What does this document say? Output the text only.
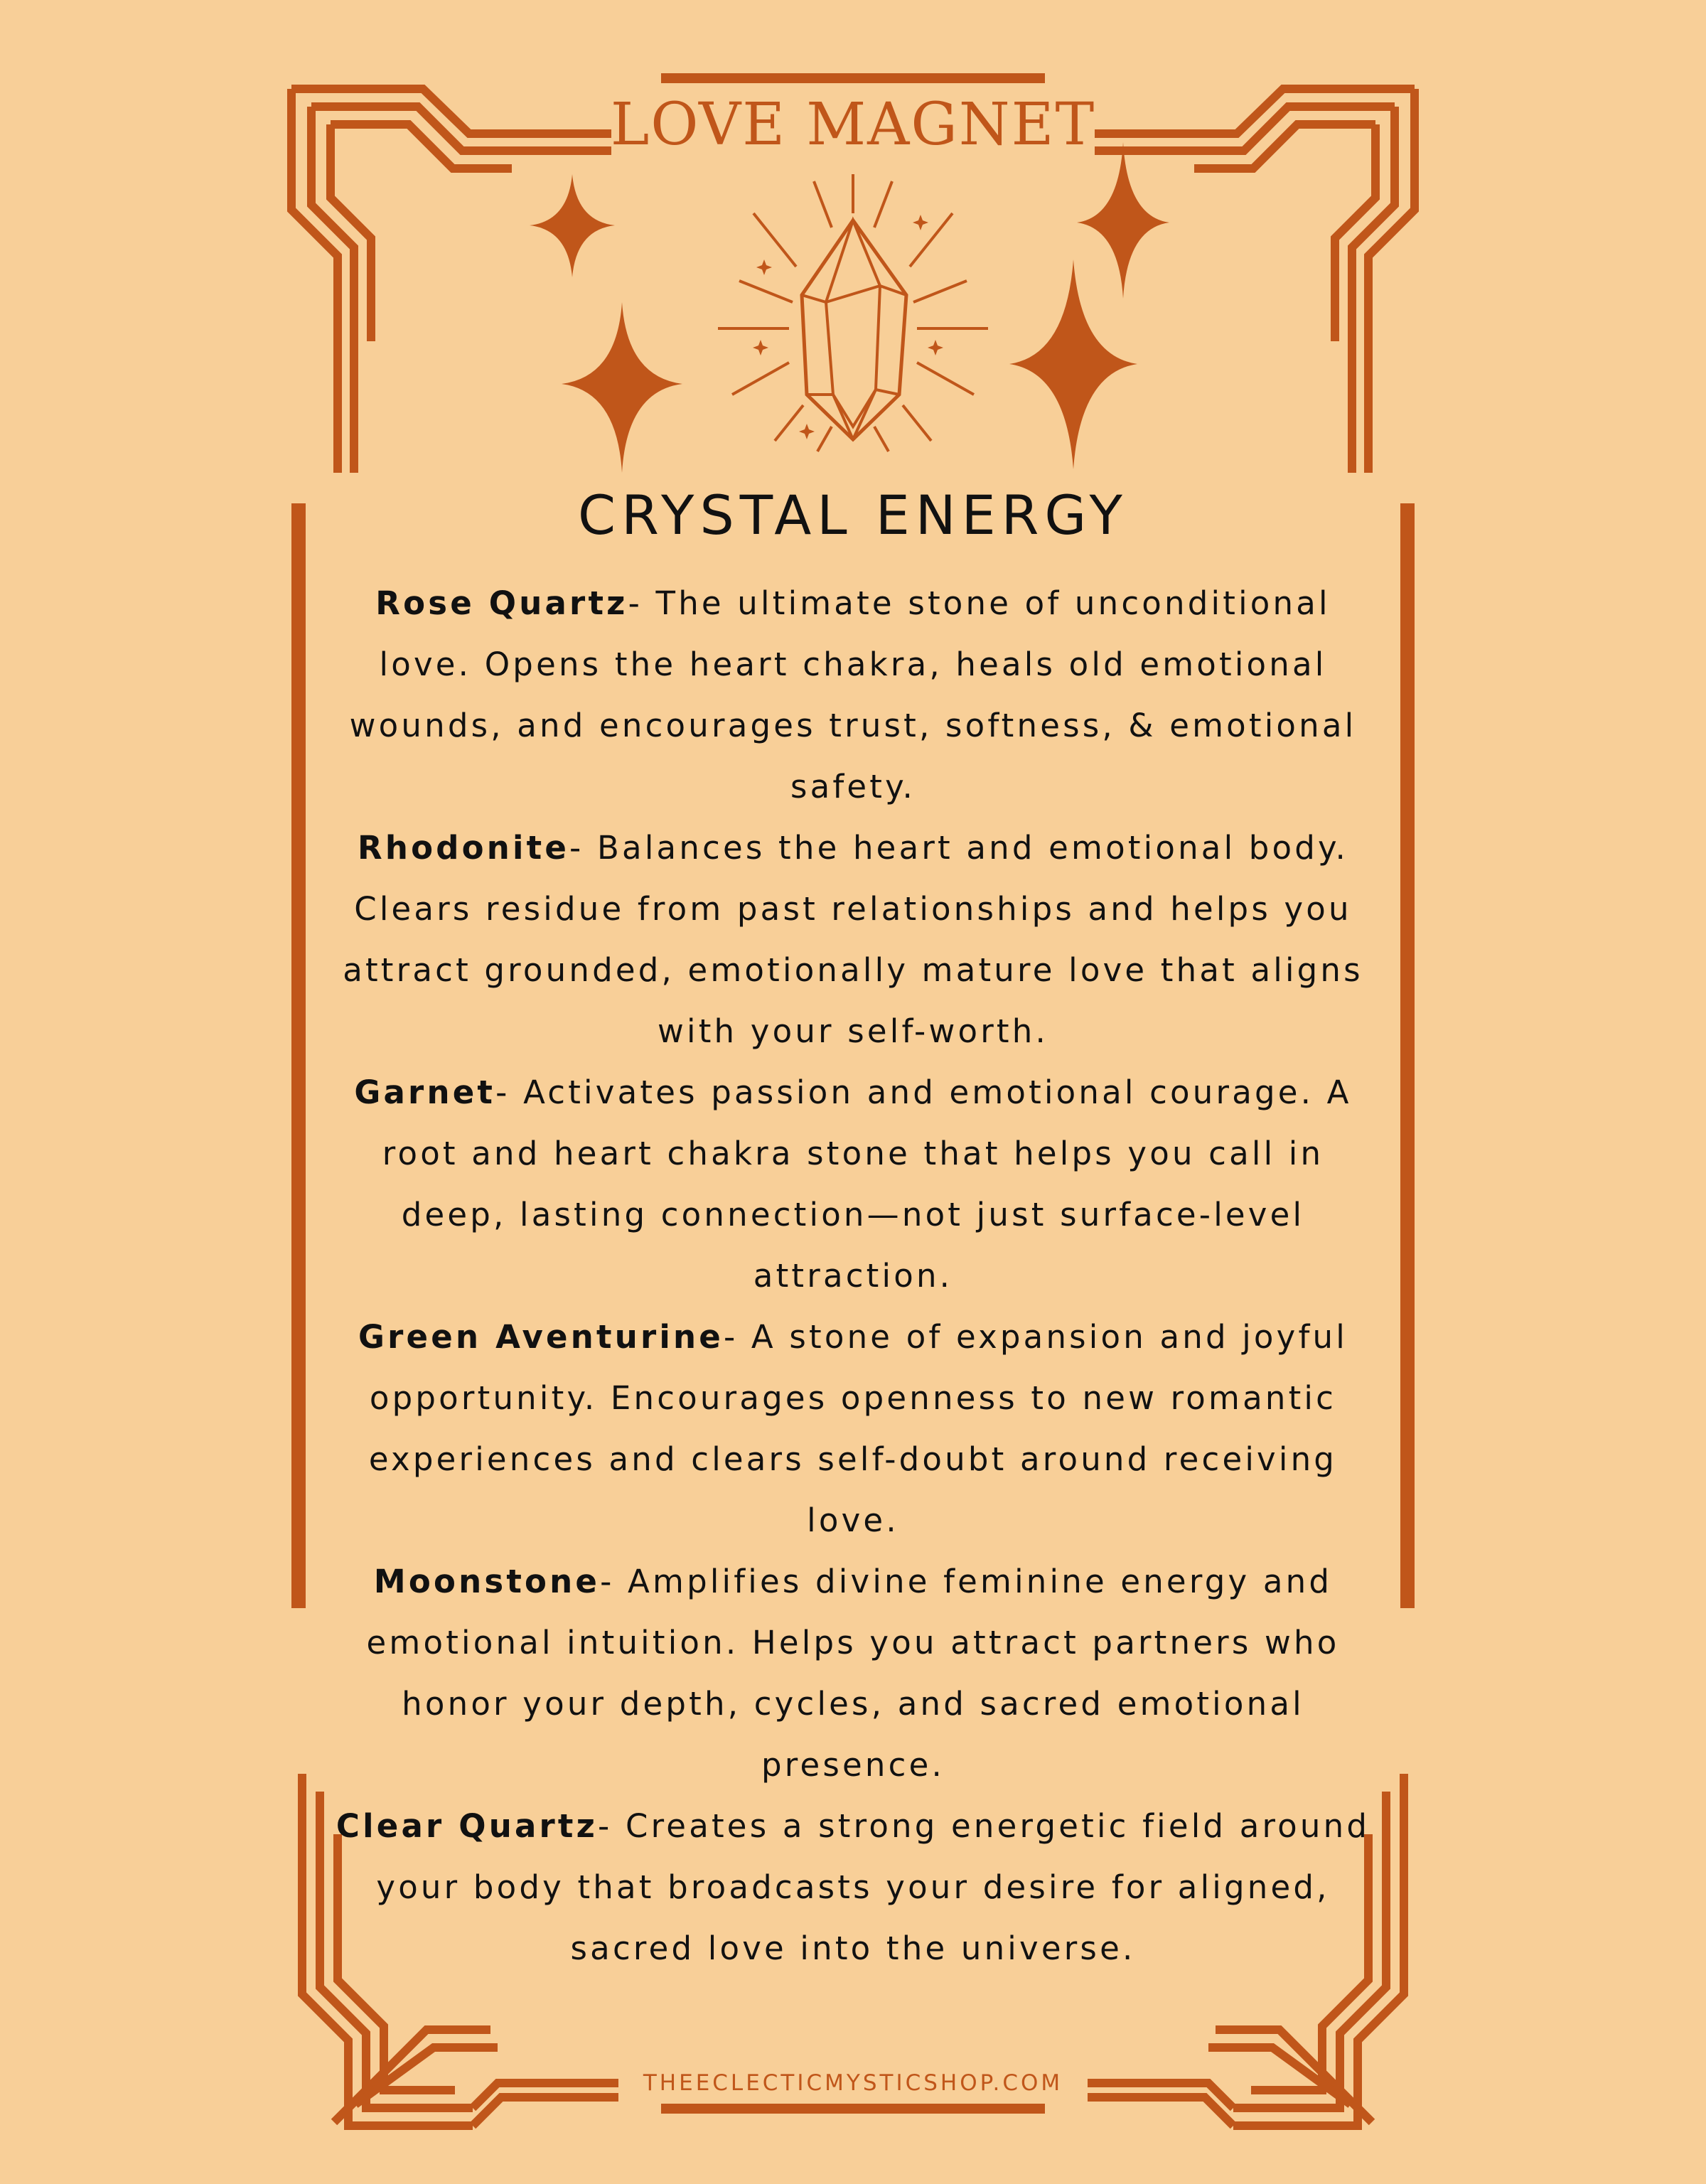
LOVE MAGNET
CRYSTAL ENERGY

Rose Quartz- The ultimate stone of unconditional love. Opens the heart chakra, heals old emotional wounds, and encourages trust, softness, & emotional safety.

Rhodonite- Balances the heart and emotional body. Clears residue from past relationships and helps you attract grounded, emotionally mature love that aligns with your self-worth.

Garnet- Activates passion and emotional courage. A root and heart chakra stone that helps you call in deep, lasting connection—not just surface-level attraction.

Green Aventurine- A stone of expansion and joyful opportunity. Encourages openness to new romantic experiences and clears self-doubt around receiving love.

Moonstone- Amplifies divine feminine energy and emotional intuition. Helps you attract partners who honor your depth, cycles, and sacred emotional presence.

Clear Quartz- Creates a strong energetic field around your body that broadcasts your desire for aligned, sacred love into the universe.

THEECLECTICMYSTICSHOP.COM
